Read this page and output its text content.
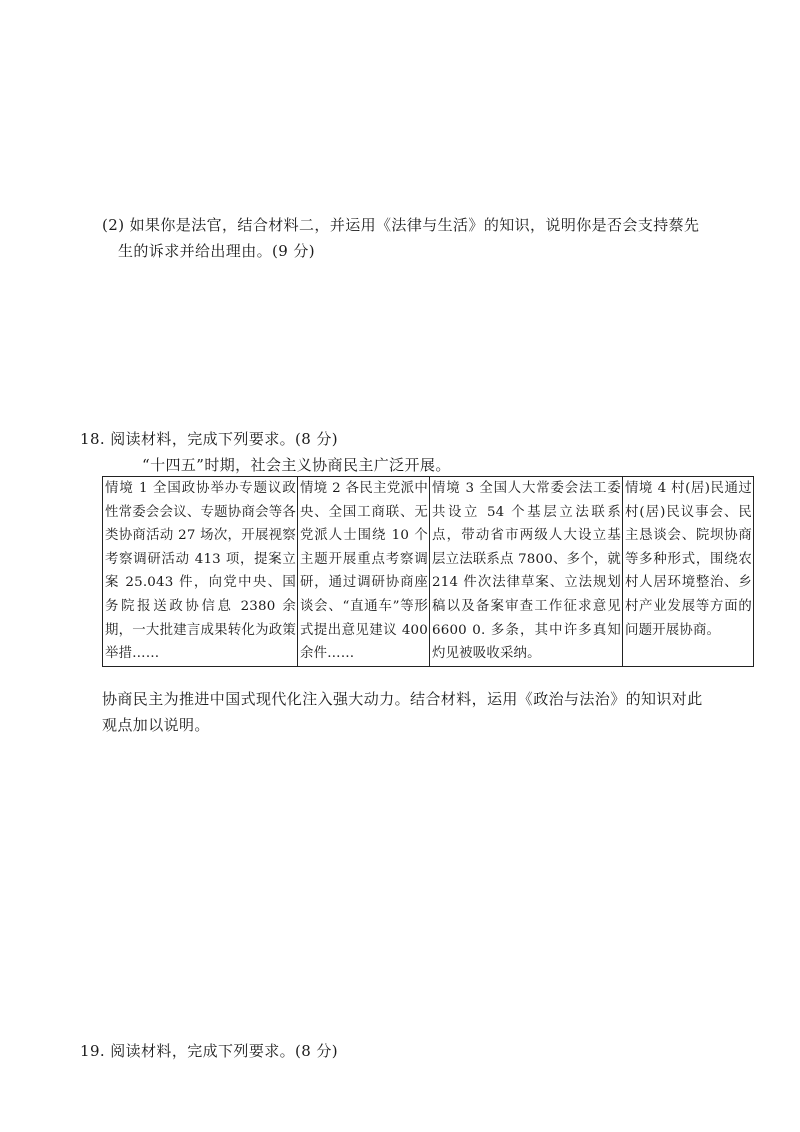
(2) 如果你是法官，结合材料二，并运用《法律与生活》的知识，说明你是否会支持蔡先
生的诉求并给出理由。(9 分)

18. 阅读材料，完成下列要求。(8 分)

“十四五”时期，社会主义协商民主广泛开展。

情境 1 全国政协举办专题议政性常委会会议、专题协商会等各类协商活动 27 场次，开展视察考察调研活动 413 项，提案立案 25.043 件，向党中央、国务院报送政协信息 2380 余期，一大批建言成果转化为政策举措……	情境 2 各民主党派中央、全国工商联、无党派人士围绕 10 个主题开展重点考察调研，通过调研协商座谈会、“直通车”等形式提出意见建议 400 余件……	情境 3 全国人大常委会法工委共设立 54 个基层立法联系点，带动省市两级人大设立基层立法联系点 7800、多个，就 214 件次法律草案、立法规划稿以及备案审查工作征求意见 6600 0. 多条，其中许多真知灼见被吸收采纳。	情境 4 村(居)民通过村(居)民议事会、民主恳谈会、院坝协商等多种形式，围绕农村人居环境整治、乡村产业发展等方面的问题开展协商。

协商民主为推进中国式现代化注入强大动力。结合材料，运用《政治与法治》的知识对此
观点加以说明。

19. 阅读材料，完成下列要求。(8 分)
